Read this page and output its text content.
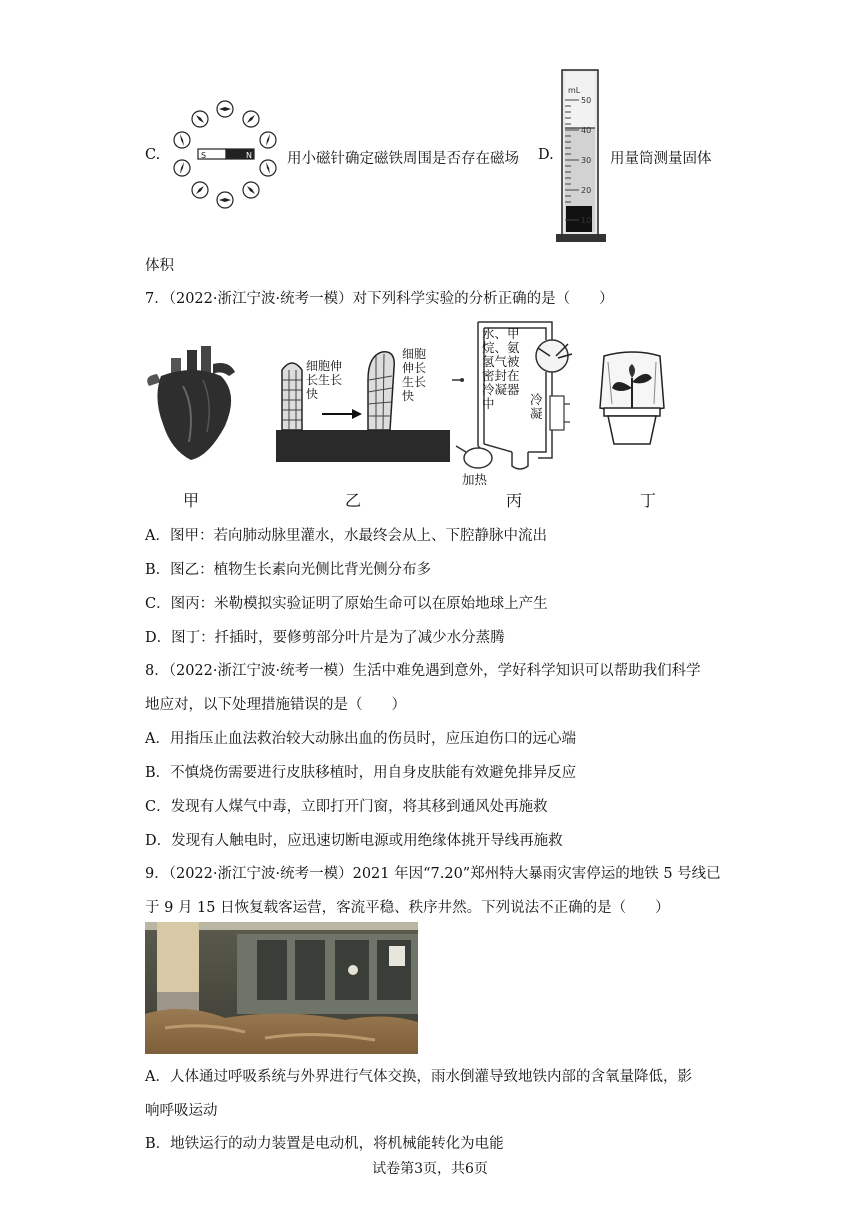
C.	S	N 用小磁针确定磁铁周围是否存在磁场 D.
mL
50
40
30
20
10
用量筒测量固体
体积
7．（2022·浙江宁波·统考一模）对下列科学实验的分析正确的是（　　）
细胞伸
长生长
快
细胞
伸长
生长
快
水、甲
烷、氨
氢气被
密封在
冷凝器
中	冷
凝
加热
甲	乙	丙	丁
A．图甲：若向肺动脉里灌水，水最终会从上、下腔静脉中流出
B．图乙：植物生长素向光侧比背光侧分布多
C．图丙：米勒模拟实验证明了原始生命可以在原始地球上产生
D．图丁：扦插时，要修剪部分叶片是为了减少水分蒸腾
8．（2022·浙江宁波·统考一模）生活中难免遇到意外，学好科学知识可以帮助我们科学
地应对，以下处理措施错误的是（　　）
A．用指压止血法救治较大动脉出血的伤员时，应压迫伤口的远心端
B．不慎烧伤需要进行皮肤移植时，用自身皮肤能有效避免排异反应
C．发现有人煤气中毒，立即打开门窗，将其移到通风处再施救
D．发现有人触电时，应迅速切断电源或用绝缘体挑开导线再施救
9．（2022·浙江宁波·统考一模）2021 年因“7.20”郑州特大暴雨灾害停运的地铁 5 号线已
于 9 月 15 日恢复载客运营，客流平稳、秩序井然。下列说法不正确的是（　　）
A．人体通过呼吸系统与外界进行气体交换，雨水倒灌导致地铁内部的含氧量降低，影
响呼吸运动
B．地铁运行的动力装置是电动机，将机械能转化为电能
试卷第3页，共6页
